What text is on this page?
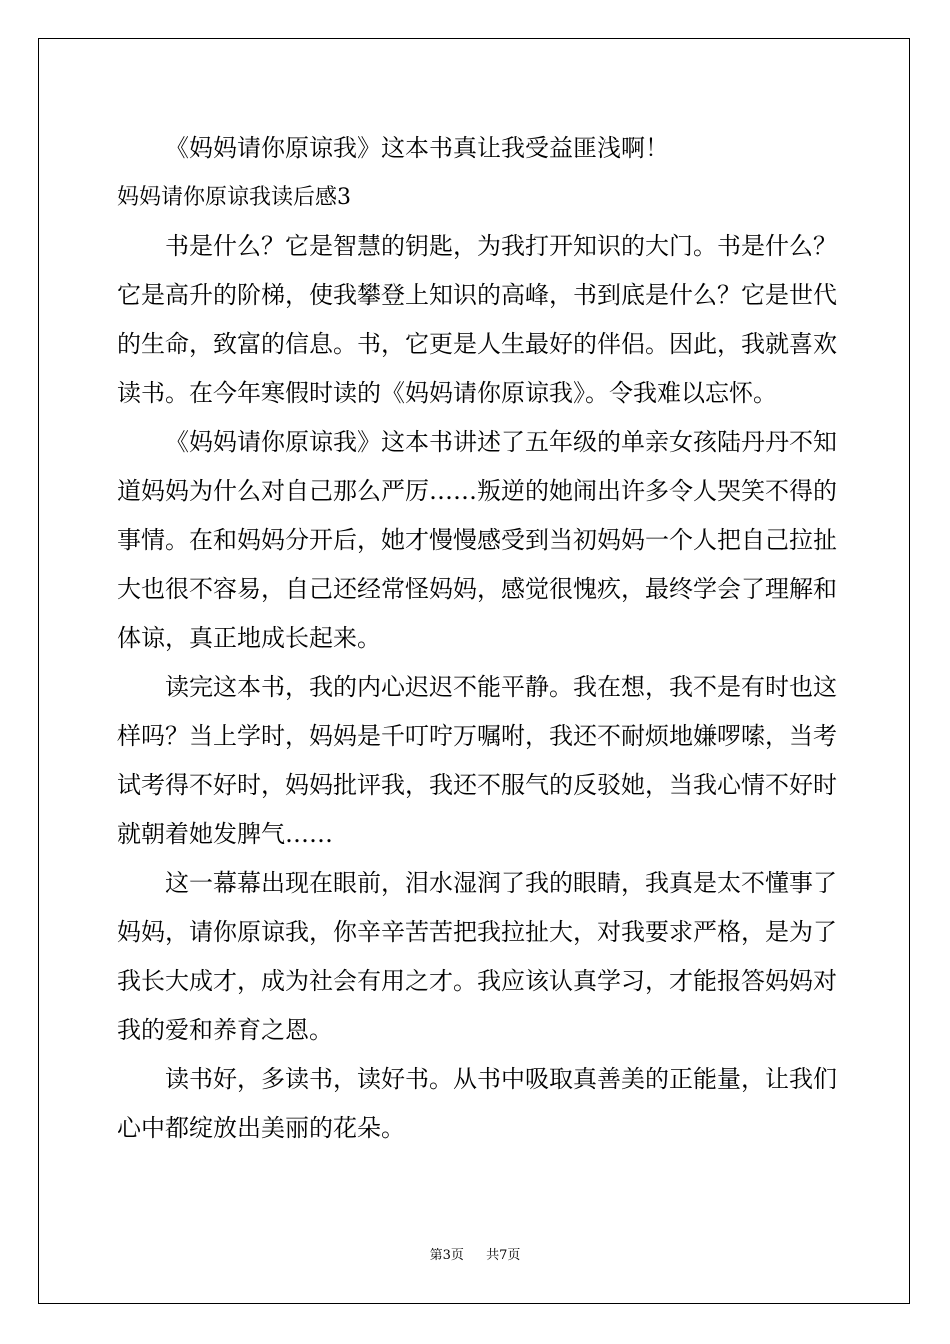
《妈妈请你原谅我》这本书真让我受益匪浅啊！

妈妈请你原谅我读后感3

书是什么？它是智慧的钥匙，为我打开知识的大门。书是什么？它是高升的阶梯，使我攀登上知识的高峰，书到底是什么？它是世代的生命，致富的信息。书，它更是人生最好的伴侣。因此，我就喜欢读书。在今年寒假时读的《妈妈请你原谅我》。令我难以忘怀。

《妈妈请你原谅我》这本书讲述了五年级的单亲女孩陆丹丹不知道妈妈为什么对自己那么严厉……叛逆的她闹出许多令人哭笑不得的事情。在和妈妈分开后，她才慢慢感受到当初妈妈一个人把自己拉扯大也很不容易，自己还经常怪妈妈，感觉很愧疚，最终学会了理解和体谅，真正地成长起来。

读完这本书，我的内心迟迟不能平静。我在想，我不是有时也这样吗？当上学时，妈妈是千叮咛万嘱咐，我还不耐烦地嫌啰嗦，当考试考得不好时，妈妈批评我，我还不服气的反驳她，当我心情不好时就朝着她发脾气……

这一幕幕出现在眼前，泪水湿润了我的眼睛，我真是太不懂事了妈妈，请你原谅我，你辛辛苦苦把我拉扯大，对我要求严格，是为了我长大成才，成为社会有用之才。我应该认真学习，才能报答妈妈对我的爱和养育之恩。

读书好，多读书，读好书。从书中吸取真善美的正能量，让我们心中都绽放出美丽的花朵。

第3页 共7页
